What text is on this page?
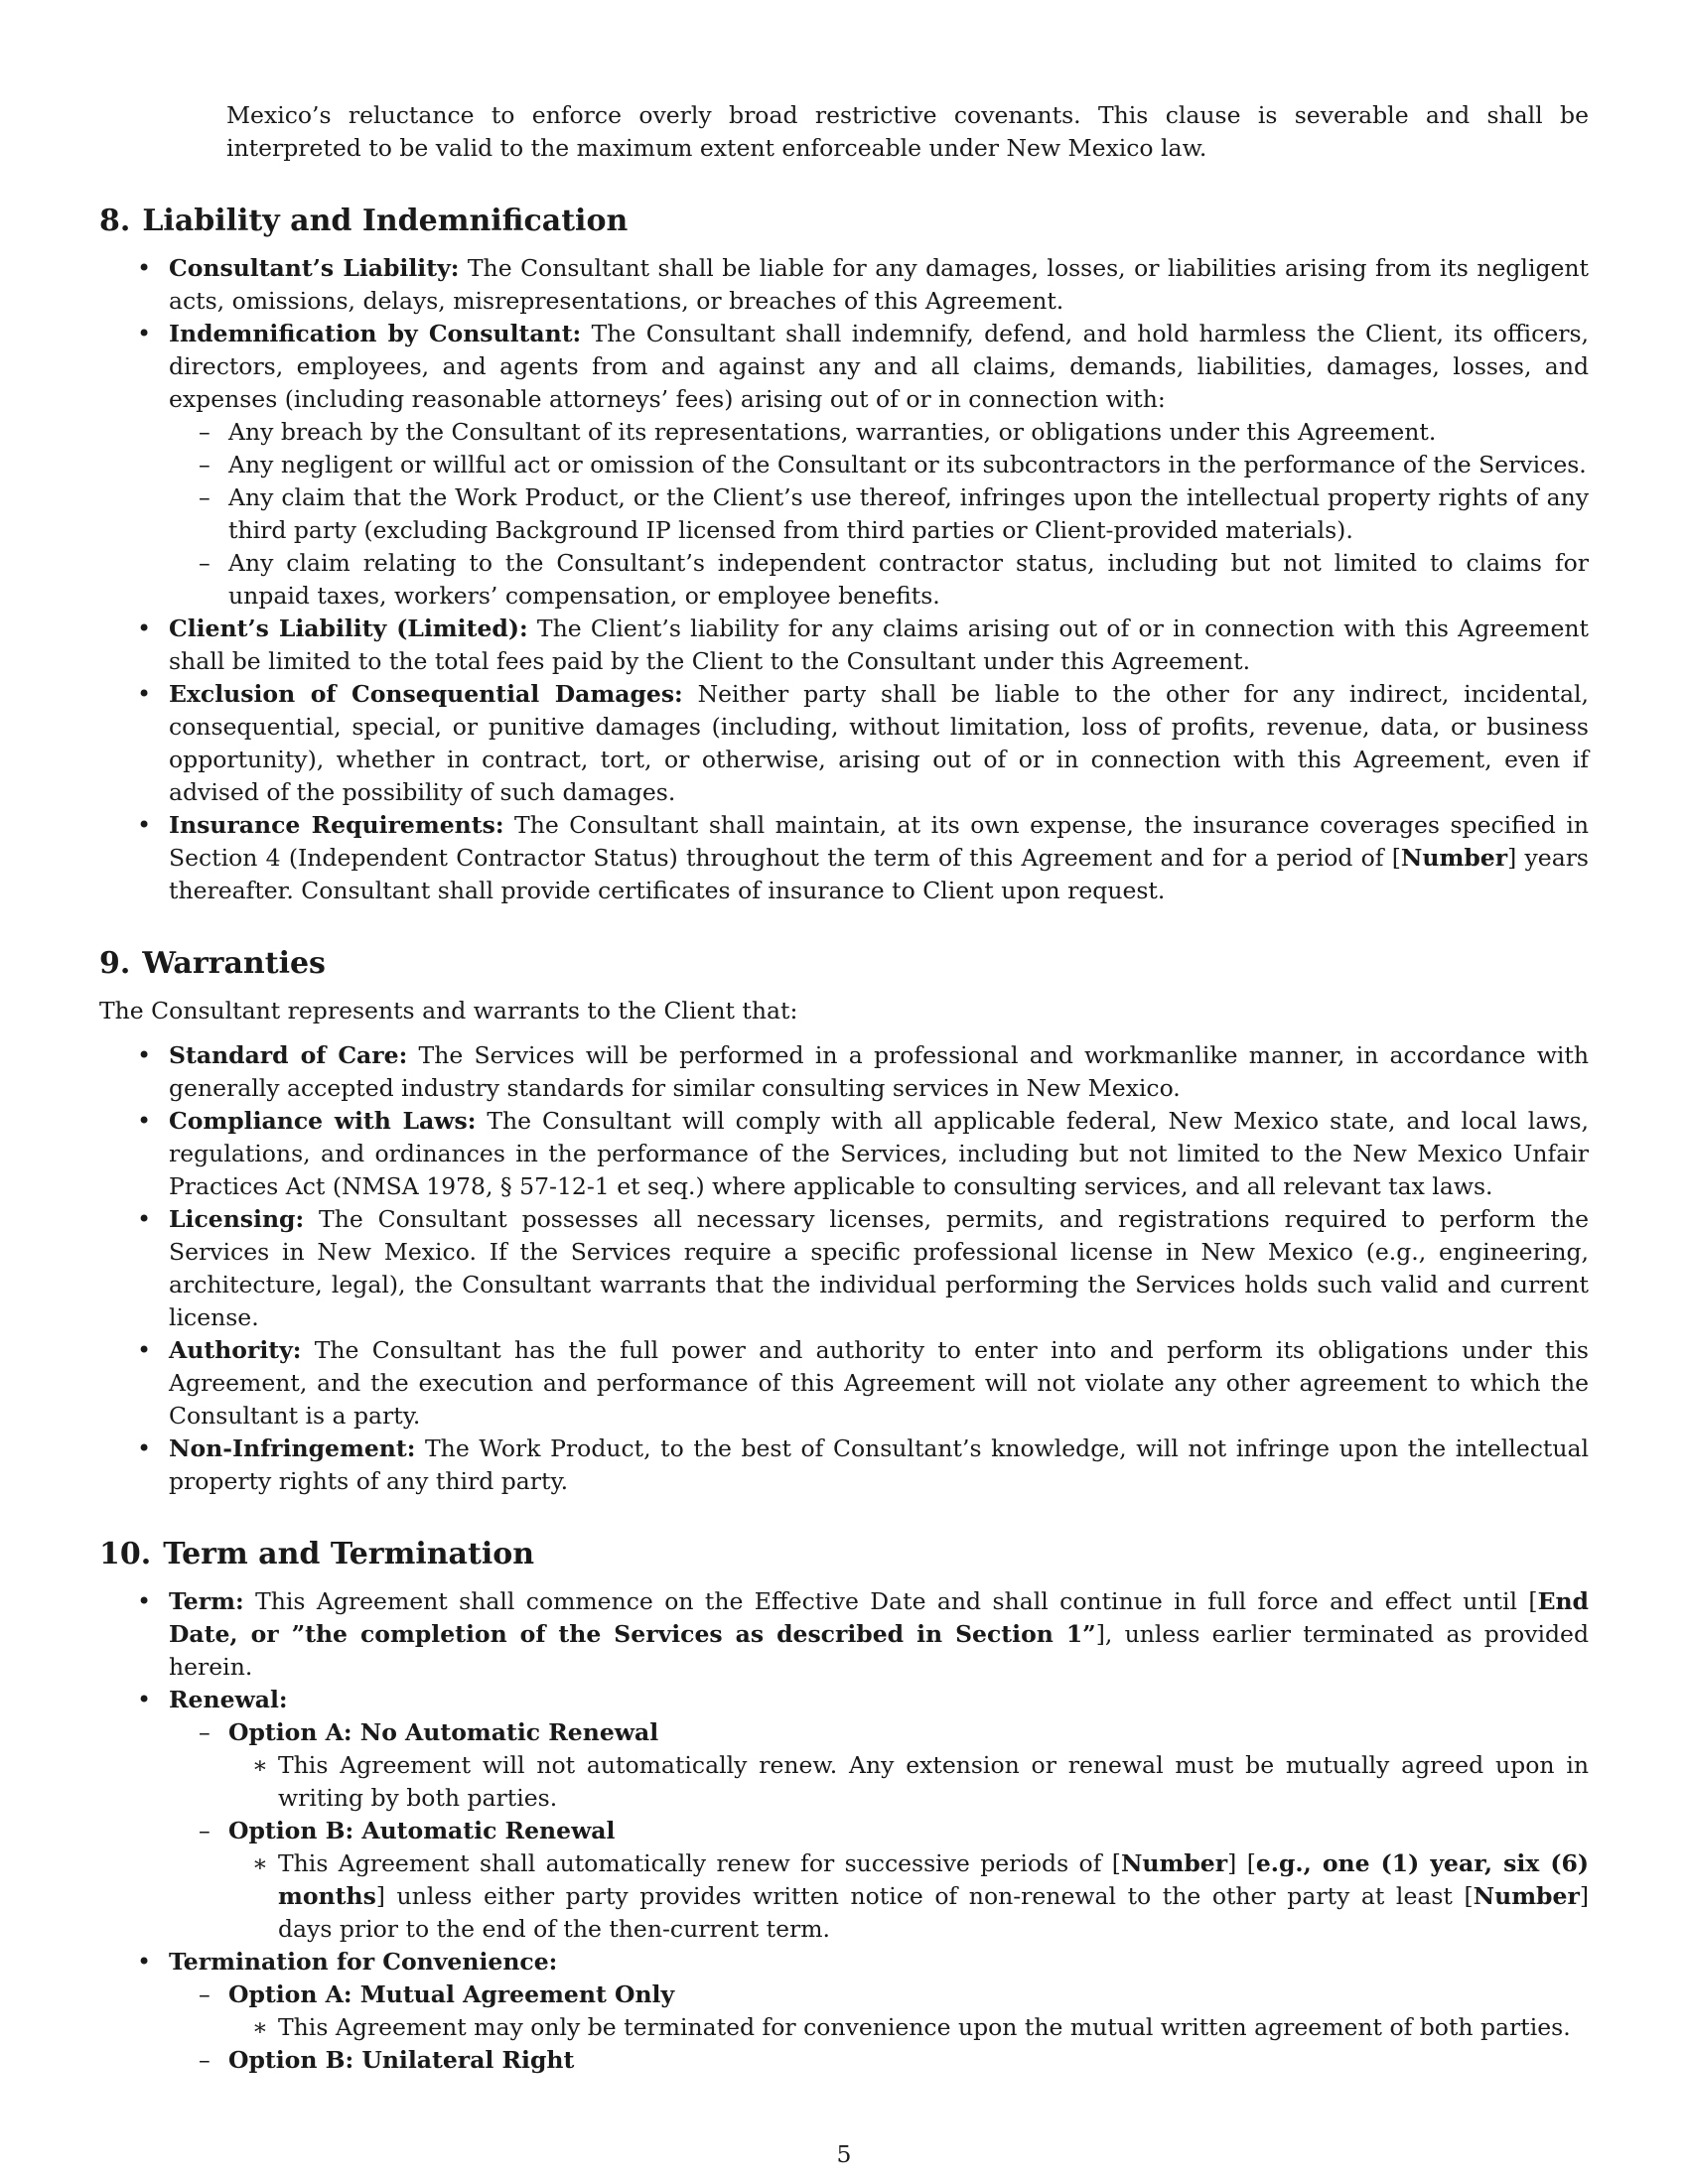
Mexico’s reluctance to enforce overly broad restrictive covenants. This clause is severable and shall be interpreted to be valid to the maximum extent enforceable under New Mexico law.

8. Liability and Indemnification
• Consultant’s Liability: The Consultant shall be liable for any damages, losses, or liabilities arising from its negligent acts, omissions, delays, misrepresentations, or breaches of this Agreement.
• Indemnification by Consultant: The Consultant shall indemnify, defend, and hold harmless the Client, its officers, directors, employees, and agents from and against any and all claims, demands, liabilities, damages, losses, and expenses (including reasonable attorneys’ fees) arising out of or in connection with:
– Any breach by the Consultant of its representations, warranties, or obligations under this Agreement.
– Any negligent or willful act or omission of the Consultant or its subcontractors in the performance of the Services.
– Any claim that the Work Product, or the Client’s use thereof, infringes upon the intellectual property rights of any third party (excluding Background IP licensed from third parties or Client-provided materials).
– Any claim relating to the Consultant’s independent contractor status, including but not limited to claims for unpaid taxes, workers’ compensation, or employee benefits.
• Client’s Liability (Limited): The Client’s liability for any claims arising out of or in connection with this Agreement shall be limited to the total fees paid by the Client to the Consultant under this Agreement.
• Exclusion of Consequential Damages: Neither party shall be liable to the other for any indirect, incidental, consequential, special, or punitive damages (including, without limitation, loss of profits, revenue, data, or business opportunity), whether in contract, tort, or otherwise, arising out of or in connection with this Agreement, even if advised of the possibility of such damages.
• Insurance Requirements: The Consultant shall maintain, at its own expense, the insurance coverages specified in Section 4 (Independent Contractor Status) throughout the term of this Agreement and for a period of [Number] years thereafter. Consultant shall provide certificates of insurance to Client upon request.
9. Warranties

The Consultant represents and warrants to the Client that:

• Standard of Care: The Services will be performed in a professional and workmanlike manner, in accordance with generally accepted industry standards for similar consulting services in New Mexico.
• Compliance with Laws: The Consultant will comply with all applicable federal, New Mexico state, and local laws, regulations, and ordinances in the performance of the Services, including but not limited to the New Mexico Unfair Practices Act (NMSA 1978, § 57-12-1 et seq.) where applicable to consulting services, and all relevant tax laws.
• Licensing: The Consultant possesses all necessary licenses, permits, and registrations required to perform the Services in New Mexico. If the Services require a specific professional license in New Mexico (e.g., engineering, architecture, legal), the Consultant warrants that the individual performing the Services holds such valid and current license.
• Authority: The Consultant has the full power and authority to enter into and perform its obligations under this Agreement, and the execution and performance of this Agreement will not violate any other agreement to which the Consultant is a party.
• Non-Infringement: The Work Product, to the best of Consultant’s knowledge, will not infringe upon the intellectual property rights of any third party.
10. Term and Termination
• Term: This Agreement shall commence on the Effective Date and shall continue in full force and effect until [End Date, or ”the completion of the Services as described in Section 1”], unless earlier terminated as provided herein.
• Renewal:
– Option A: No Automatic Renewal
∗ This Agreement will not automatically renew. Any extension or renewal must be mutually agreed upon in writing by both parties.
– Option B: Automatic Renewal
∗ This Agreement shall automatically renew for successive periods of [Number] [e.g., one (1) year, six (6) months] unless either party provides written notice of non-renewal to the other party at least [Number] days prior to the end of the then-current term.
• Termination for Convenience:
– Option A: Mutual Agreement Only
∗ This Agreement may only be terminated for convenience upon the mutual written agreement of both parties.
– Option B: Unilateral Right
5
